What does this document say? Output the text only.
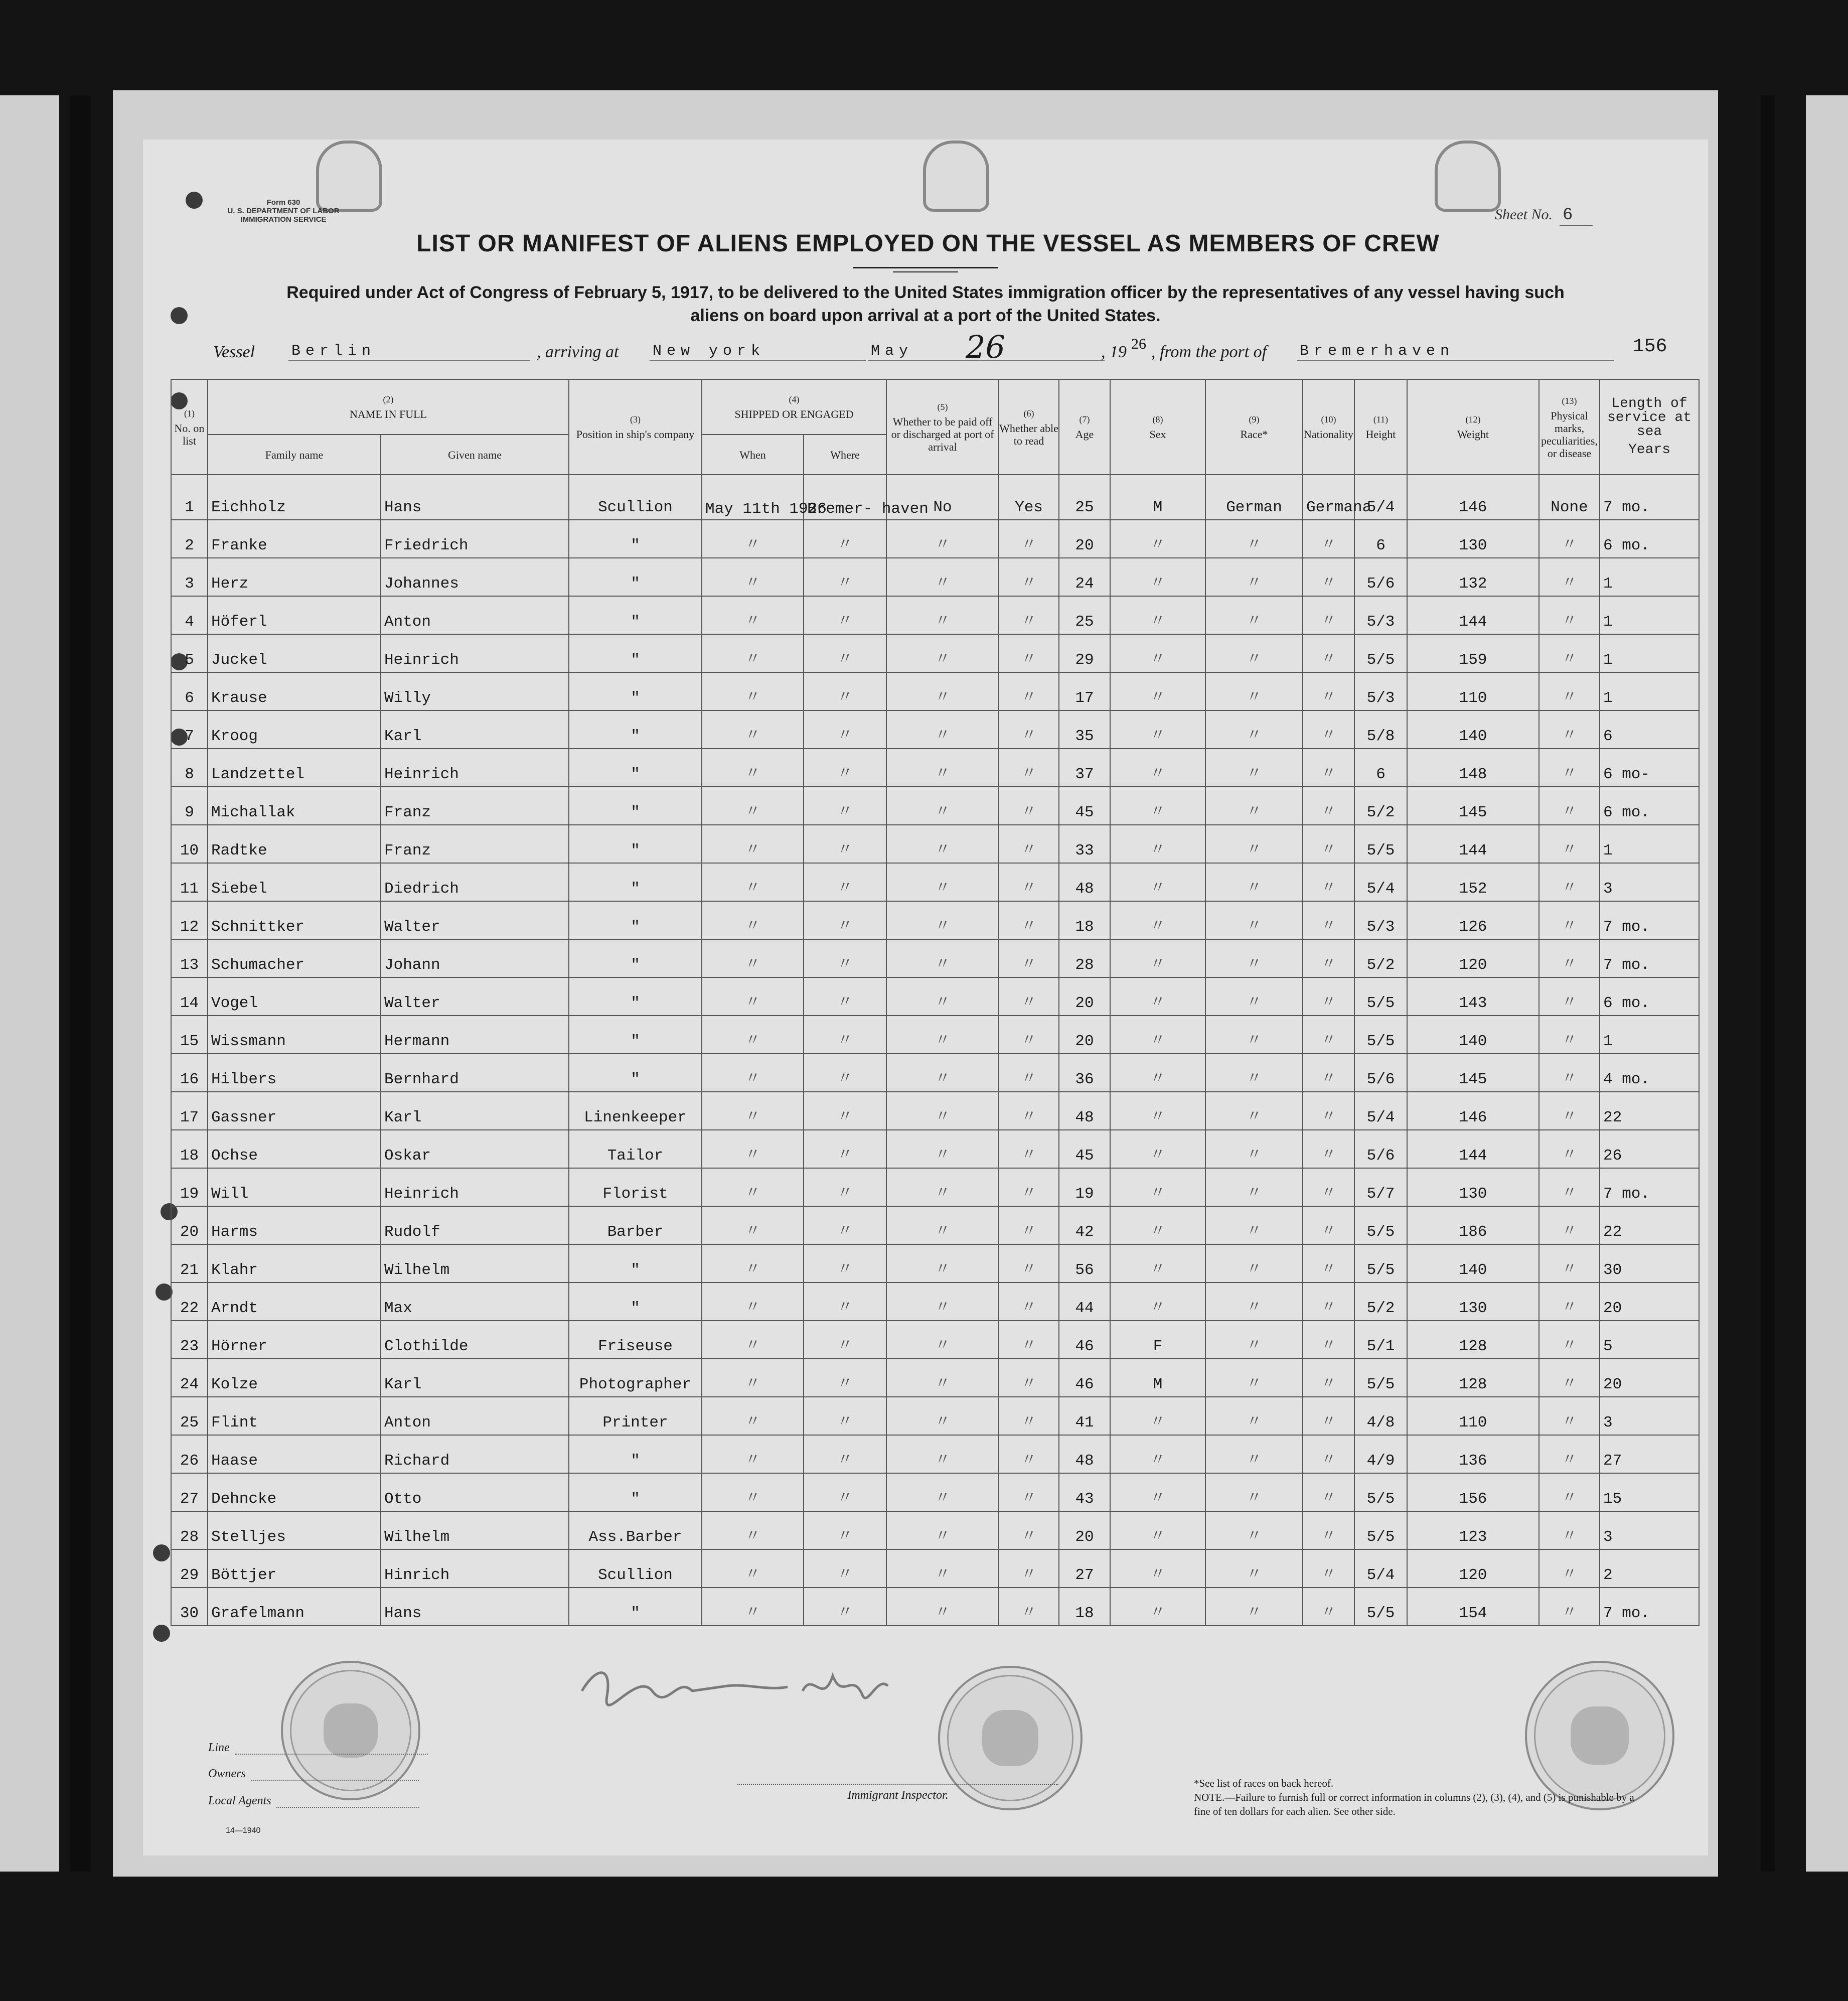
Form 630
U. S. DEPARTMENT OF LABOR
IMMIGRATION SERVICE	Sheet No. 6
LIST OR MANIFEST OF ALIENS EMPLOYED ON THE VESSEL AS MEMBERS OF CREW
Required under Act of Congress of February 5, 1917, to be delivered to the United States immigration officer by the representatives of any vessel having such
aliens on board upon arrival at a port of the United States.
Vessel Berlin	, arriving at New york	May	26	, 19 26 , from the port of Bremerhaven	156
(1)
No. on list	(2)
NAME IN FULL		(3)
Position in ship's company	(4)
SHIPPED OR ENGAGED		(5)
Whether to be paid off or discharged at port of arrival	(6)
Whether able to read	(7)
Age	(8)
Sex	(9)
Race*	(10)
Nationality	(11)
Height	(12)
Weight	(13)
Physical marks, peculiarities, or disease	Length of service at sea
Years

	Family name	Given name		When	Where										
1	Eichholz	Hans	Scullion	May 11th 1926	Bremer- haven	No	Yes	25	M	German	Germana	5/4	146	None	7 mo.
2	Franke	Friedrich	"	〃	〃	〃	〃	20	〃	〃	〃	6	130	〃	6 mo.
3	Herz	Johannes	"	〃	〃	〃	〃	24	〃	〃	〃	5/6	132	〃	1
4	Höferl	Anton	"	〃	〃	〃	〃	25	〃	〃	〃	5/3	144	〃	1
5	Juckel	Heinrich	"	〃	〃	〃	〃	29	〃	〃	〃	5/5	159	〃	1
6	Krause	Willy	"	〃	〃	〃	〃	17	〃	〃	〃	5/3	110	〃	1
7	Kroog	Karl	"	〃	〃	〃	〃	35	〃	〃	〃	5/8	140	〃	6
8	Landzettel	Heinrich	"	〃	〃	〃	〃	37	〃	〃	〃	6	148	〃	6 mo-
9	Michallak	Franz	"	〃	〃	〃	〃	45	〃	〃	〃	5/2	145	〃	6 mo.
10	Radtke	Franz	"	〃	〃	〃	〃	33	〃	〃	〃	5/5	144	〃	1
11	Siebel	Diedrich	"	〃	〃	〃	〃	48	〃	〃	〃	5/4	152	〃	3
12	Schnittker	Walter	"	〃	〃	〃	〃	18	〃	〃	〃	5/3	126	〃	7 mo.
13	Schumacher	Johann	"	〃	〃	〃	〃	28	〃	〃	〃	5/2	120	〃	7 mo.
14	Vogel	Walter	"	〃	〃	〃	〃	20	〃	〃	〃	5/5	143	〃	6 mo.
15	Wissmann	Hermann	"	〃	〃	〃	〃	20	〃	〃	〃	5/5	140	〃	1
16	Hilbers	Bernhard	"	〃	〃	〃	〃	36	〃	〃	〃	5/6	145	〃	4 mo.
17	Gassner	Karl	Linenkeeper	〃	〃	〃	〃	48	〃	〃	〃	5/4	146	〃	22
18	Ochse	Oskar	Tailor	〃	〃	〃	〃	45	〃	〃	〃	5/6	144	〃	26
19	Will	Heinrich	Florist	〃	〃	〃	〃	19	〃	〃	〃	5/7	130	〃	7 mo.
20	Harms	Rudolf	Barber	〃	〃	〃	〃	42	〃	〃	〃	5/5	186	〃	22
21	Klahr	Wilhelm	"	〃	〃	〃	〃	56	〃	〃	〃	5/5	140	〃	30
22	Arndt	Max	"	〃	〃	〃	〃	44	〃	〃	〃	5/2	130	〃	20
23	Hörner	Clothilde	Friseuse	〃	〃	〃	〃	46	F	〃	〃	5/1	128	〃	5
24	Kolze	Karl	Photographer	〃	〃	〃	〃	46	M	〃	〃	5/5	128	〃	20
25	Flint	Anton	Printer	〃	〃	〃	〃	41	〃	〃	〃	4/8	110	〃	3
26	Haase	Richard	"	〃	〃	〃	〃	48	〃	〃	〃	4/9	136	〃	27
27	Dehncke	Otto	"	〃	〃	〃	〃	43	〃	〃	〃	5/5	156	〃	15
28	Stelljes	Wilhelm	Ass.Barber	〃	〃	〃	〃	20	〃	〃	〃	5/5	123	〃	3
29	Böttjer	Hinrich	Scullion	〃	〃	〃	〃	27	〃	〃	〃	5/4	120	〃	2
30	Grafelmann	Hans	"	〃	〃	〃	〃	18	〃	〃	〃	5/5	154	〃	7 mo.
Line
Owners
Local Agents
14—1940
Immigrant Inspector.
*See list of races on back hereof.
NOTE.—Failure to furnish full or correct information in columns (2), (3), (4), and (5) is punishable by a fine of ten dollars for each alien. See other side.
